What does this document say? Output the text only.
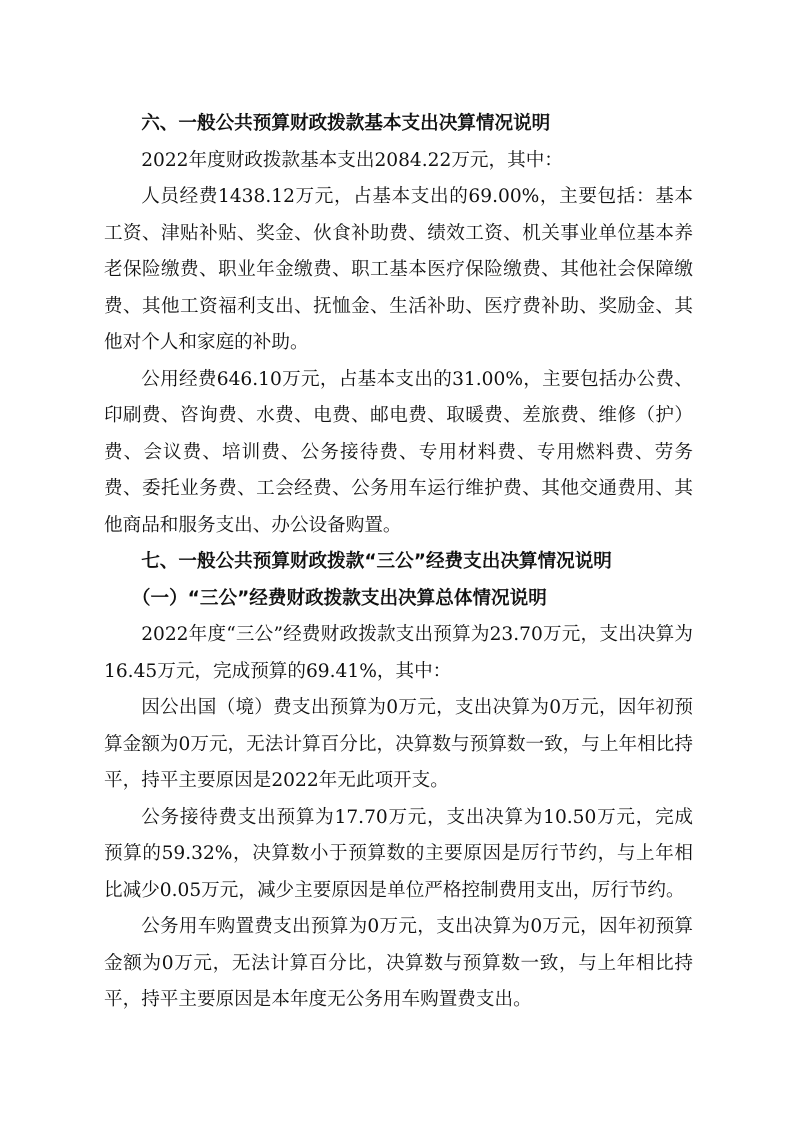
六、一般公共预算财政拨款基本支出决算情况说明

2022年度财政拨款基本支出2084.22万元，其中：

人员经费1438.12万元，占基本支出的69.00%，主要包括：基本工资、津贴补贴、奖金、伙食补助费、绩效工资、机关事业单位基本养老保险缴费、职业年金缴费、职工基本医疗保险缴费、其他社会保障缴费、其他工资福利支出、抚恤金、生活补助、医疗费补助、奖励金、其他对个人和家庭的补助。

公用经费646.10万元，占基本支出的31.00%，主要包括办公费、印刷费、咨询费、水费、电费、邮电费、取暖费、差旅费、维修（护）费、会议费、培训费、公务接待费、专用材料费、专用燃料费、劳务费、委托业务费、工会经费、公务用车运行维护费、其他交通费用、其他商品和服务支出、办公设备购置。

七、一般公共预算财政拨款“三公”经费支出决算情况说明

（一）“三公”经费财政拨款支出决算总体情况说明

2022年度“三公”经费财政拨款支出预算为23.70万元，支出决算为16.45万元，完成预算的69.41%，其中：

因公出国（境）费支出预算为0万元，支出决算为0万元，因年初预算金额为0万元，无法计算百分比，决算数与预算数一致，与上年相比持平，持平主要原因是2022年无此项开支。

公务接待费支出预算为17.70万元，支出决算为10.50万元，完成预算的59.32%，决算数小于预算数的主要原因是厉行节约，与上年相比减少0.05万元，减少主要原因是单位严格控制费用支出，厉行节约。

公务用车购置费支出预算为0万元，支出决算为0万元，因年初预算金额为0万元，无法计算百分比，决算数与预算数一致，与上年相比持平，持平主要原因是本年度无公务用车购置费支出。
